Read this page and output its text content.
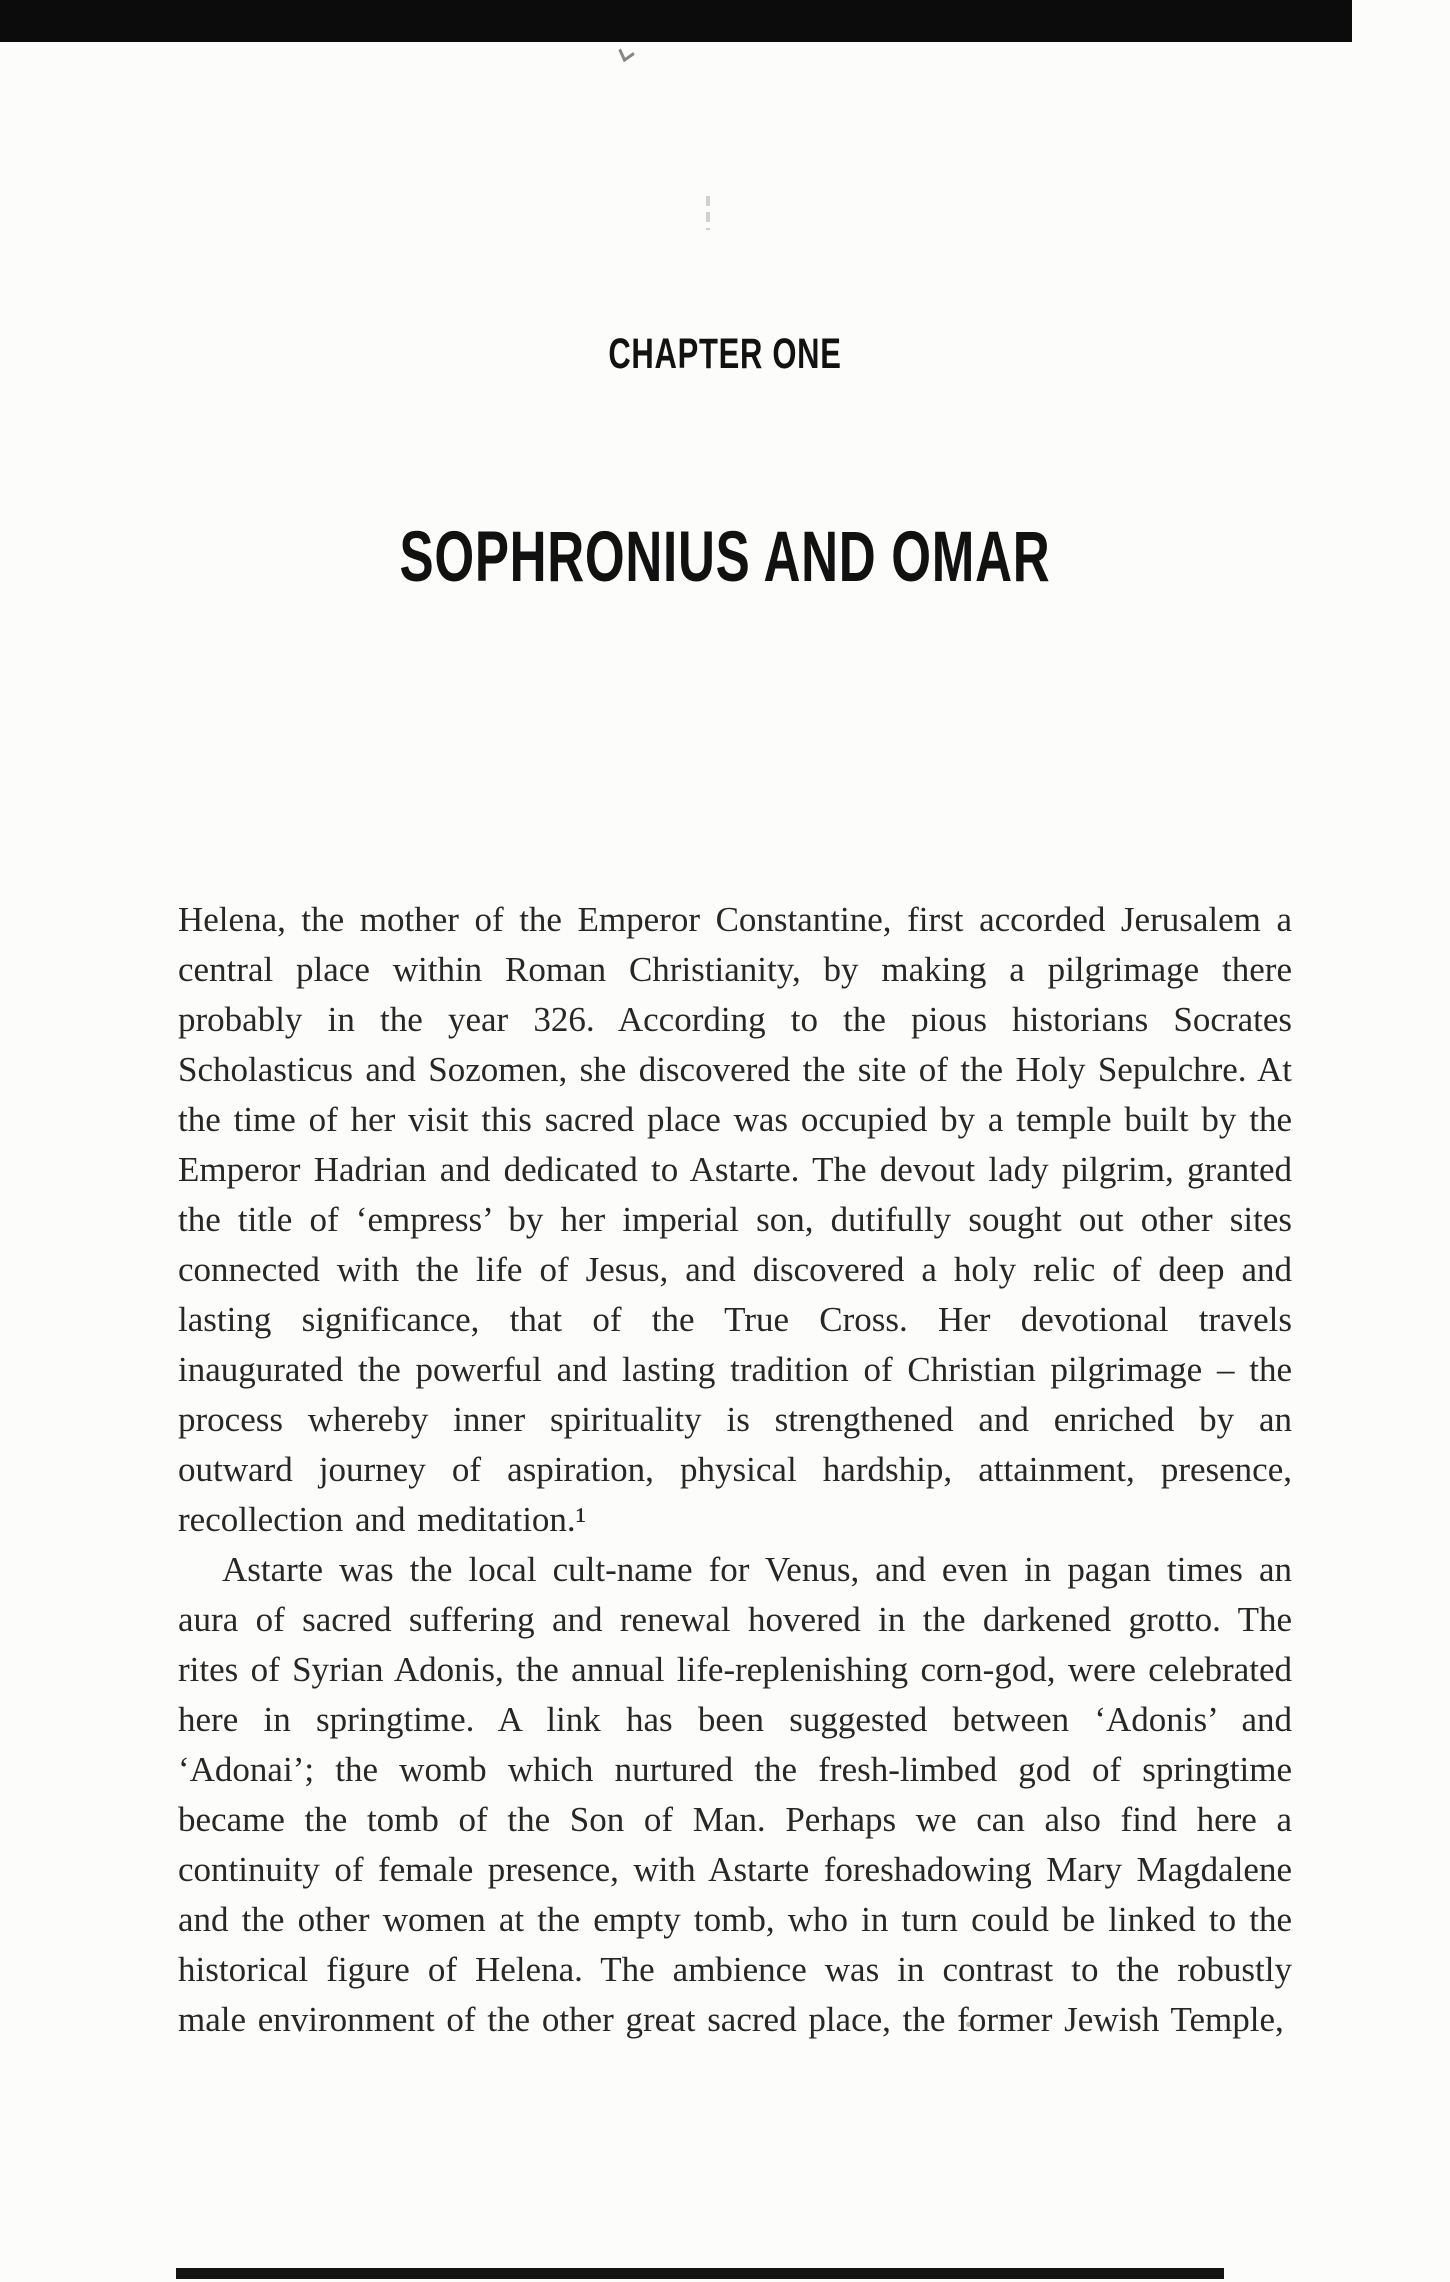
CHAPTER ONE
SOPHRONIUS AND OMAR

Helena, the mother of the Emperor Constantine, first accorded Jerusalem a central place within Roman Christianity, by making a pilgrimage there probably in the year 326. According to the pious historians Socrates Scholasticus and Sozomen, she discovered the site of the Holy Sepulchre. At the time of her visit this sacred place was occupied by a temple built by the Emperor Hadrian and dedicated to Astarte. The devout lady pilgrim, granted the title of ‘empress’ by her imperial son, dutifully sought out other sites connected with the life of Jesus, and discovered a holy relic of deep and lasting significance, that of the True Cross. Her devotional travels inaugurated the powerful and lasting tradition of Christian pilgrimage – the process whereby inner spirituality is strengthened and enriched by an outward journey of aspiration, physical hardship, attainment, presence, recollection and meditation.¹

Astarte was the local cult-name for Venus, and even in pagan times an aura of sacred suffering and renewal hovered in the darkened grotto. The rites of Syrian Adonis, the annual life-replenishing corn-god, were celebrated here in springtime. A link has been suggested between ‘Adonis’ and ‘Adonai’; the womb which nurtured the fresh-limbed god of springtime became the tomb of the Son of Man. Perhaps we can also find here a continuity of female presence, with Astarte foreshadowing Mary Magdalene and the other women at the empty tomb, who in turn could be linked to the historical figure of Helena. The ambience was in contrast to the robustly male environment of the other great sacred place, the former Jewish Temple,
